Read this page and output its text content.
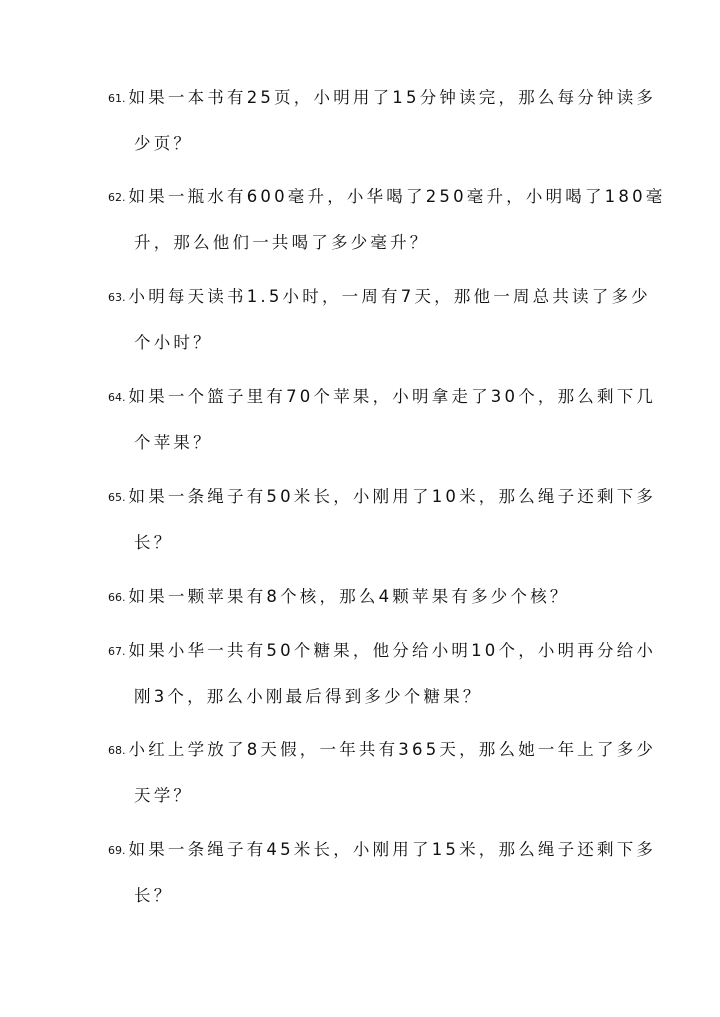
61. 如果一本书有25页，小明用了15分钟读完，那么每分钟读多
少页？
62. 如果一瓶水有600毫升，小华喝了250毫升，小明喝了180毫
升，那么他们一共喝了多少毫升？
63. 小明每天读书1.5小时，一周有7天，那他一周总共读了多少
个小时？
64. 如果一个篮子里有70个苹果，小明拿走了30个，那么剩下几
个苹果？
65. 如果一条绳子有50米长，小刚用了10米，那么绳子还剩下多
长？
66. 如果一颗苹果有8个核，那么4颗苹果有多少个核？
67. 如果小华一共有50个糖果，他分给小明10个，小明再分给小
刚3个，那么小刚最后得到多少个糖果？
68. 小红上学放了8天假，一年共有365天，那么她一年上了多少
天学？
69. 如果一条绳子有45米长，小刚用了15米，那么绳子还剩下多
长？
